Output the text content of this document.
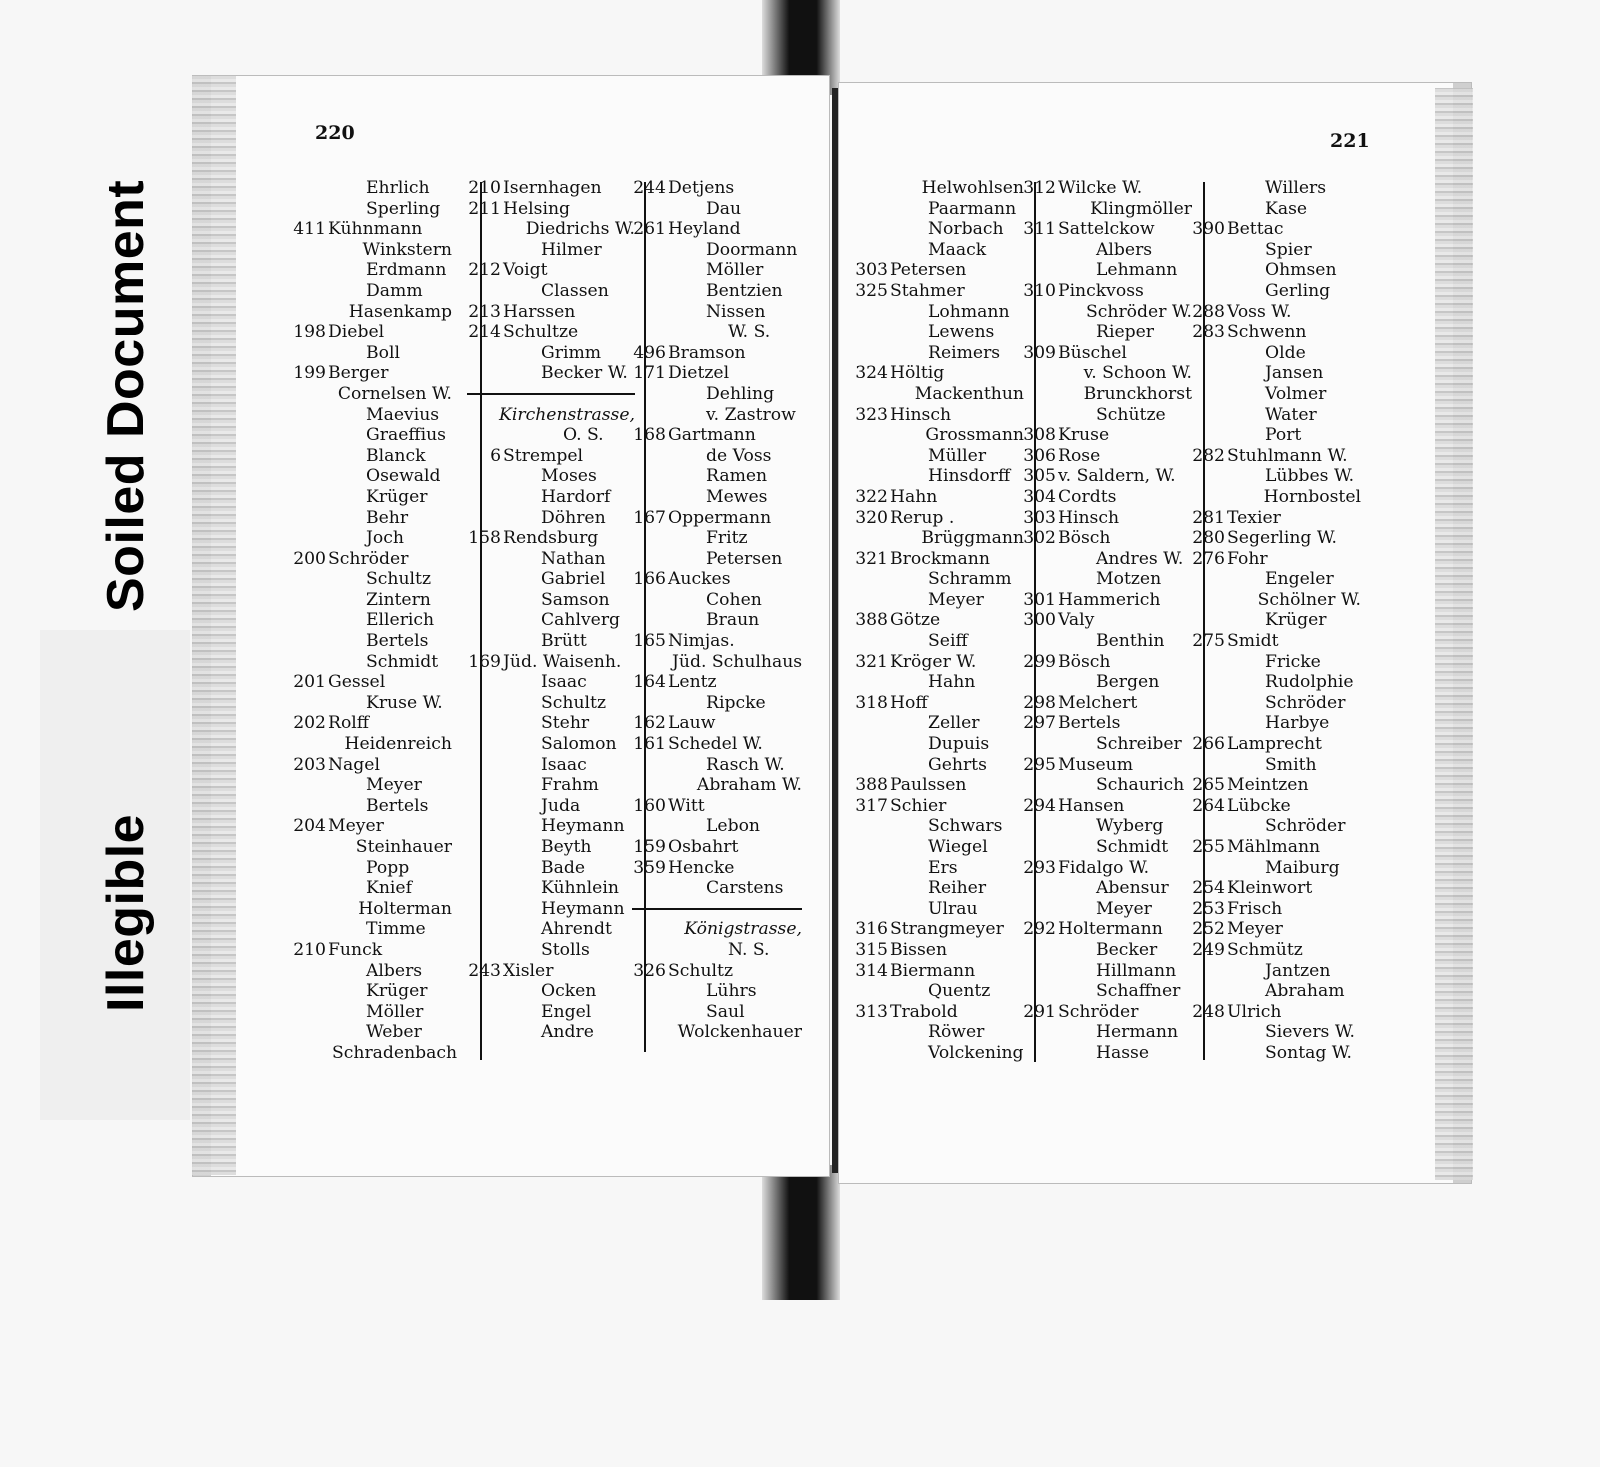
Soiled Document
Illegible
220	221
Ehrlich
Sperling
411 Kühnmann
Winkstern
Erdmann
Damm
Hasenkamp
198 Diebel
Boll
199 Berger
Cornelsen W.
Maevius
Graeffius
Blanck
Osewald
Krüger
Behr
Joch
200 Schröder
Schultz
Zintern
Ellerich
Bertels
Schmidt
201 Gessel
Kruse W.
202 Rolff
Heidenreich
203 Nagel
Meyer
Bertels
204 Meyer
Steinhauer
Popp
Knief
Holterman
Timme
210 Funck
Albers
Krüger
Möller
Weber
Schradenbach
210 Isernhagen
211 Helsing
Diedrichs W.
Hilmer
212 Voigt
Classen
213 Harssen
214 Schultze
Grimm
Becker W.
Kirchenstrasse,
O. S.
6 Strempel
Moses
Hardorf
Döhren
158 Rendsburg
Nathan
Gabriel
Samson
Cahlverg
Brütt
169 Jüd. Waisenh.
Isaac
Schultz
Stehr
Salomon
Isaac
Frahm
Juda
Heymann
Beyth
Bade
Kühnlein
Heymann
Ahrendt
Stolls
243 Xisler
Ocken
Engel
Andre
244 Detjens
Dau
261 Heyland
Doormann
Möller
Bentzien
Nissen
W. S.
496 Bramson
171 Dietzel
Dehling
v. Zastrow
168 Gartmann
de Voss
Ramen
Mewes
167 Oppermann
Fritz
Petersen
166 Auckes
Cohen
Braun
165 Nimjas.
Jüd. Schulhaus
164 Lentz
Ripcke
162 Lauw
161 Schedel W.
Rasch W.
Abraham W.
160 Witt
Lebon
159 Osbahrt
359 Hencke
Carstens
Königstrasse,
N. S.
326 Schultz
Lührs
Saul
Wolckenhauer
Helwohlsen
Paarmann
Norbach
Maack
303 Petersen
325 Stahmer
Lohmann
Lewens
Reimers
324 Höltig
Mackenthun
323 Hinsch
Grossmann
Müller
Hinsdorff
322 Hahn
320 Rerup .
Brüggmann
321 Brockmann
Schramm
Meyer
388 Götze
Seiff
321 Kröger W.
Hahn
318 Hoff
Zeller
Dupuis
Gehrts
388 Paulssen
317 Schier
Schwars
Wiegel
Ers
Reiher
Ulrau
316 Strangmeyer
315 Bissen
314 Biermann
Quentz
313 Trabold
Röwer
Volckening
312 Wilcke W.
Klingmöller
311 Sattelckow
Albers
Lehmann
310 Pinckvoss
Schröder W.
Rieper
309 Büschel
v. Schoon W.
Brunckhorst
Schütze
308 Kruse
306 Rose
305 v. Saldern, W.
304 Cordts
303 Hinsch
302 Bösch
Andres W.
Motzen
301 Hammerich
300 Valy
Benthin
299 Bösch
Bergen
298 Melchert
297 Bertels
Schreiber
295 Museum
Schaurich
294 Hansen
Wyberg
Schmidt
293 Fidalgo W.
Abensur
Meyer
292 Holtermann
Becker
Hillmann
Schaffner
291 Schröder
Hermann
Hasse
Willers
Kase
390 Bettac
Spier
Ohmsen
Gerling
288 Voss W.
283 Schwenn
Olde
Jansen
Volmer
Water
Port
282 Stuhlmann W.
Lübbes W.
Hornbostel
281 Texier
280 Segerling W.
276 Fohr
Engeler
Schölner W.
Krüger
275 Smidt
Fricke
Rudolphie
Schröder
Harbye
266 Lamprecht
Smith
265 Meintzen
264 Lübcke
Schröder
255 Mählmann
Maiburg
254 Kleinwort
253 Frisch
252 Meyer
249 Schmütz
Jantzen
Abraham
248 Ulrich
Sievers W.
Sontag W.
